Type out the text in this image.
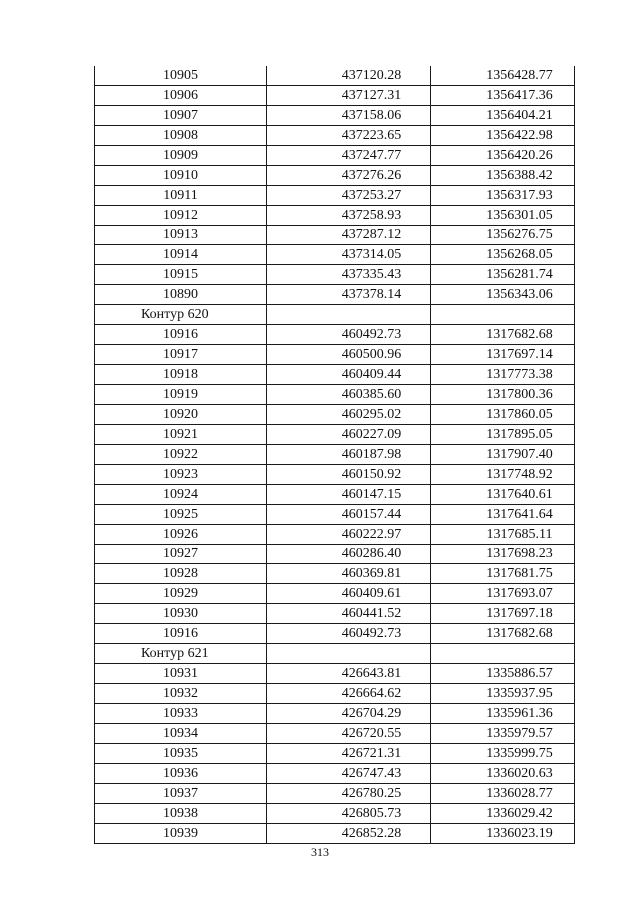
10905	437120.28	1356428.77
10906	437127.31	1356417.36
10907	437158.06	1356404.21
10908	437223.65	1356422.98
10909	437247.77	1356420.26
10910	437276.26	1356388.42
10911	437253.27	1356317.93
10912	437258.93	1356301.05
10913	437287.12	1356276.75
10914	437314.05	1356268.05
10915	437335.43	1356281.74
10890	437378.14	1356343.06
Контур 620		
10916	460492.73	1317682.68
10917	460500.96	1317697.14
10918	460409.44	1317773.38
10919	460385.60	1317800.36
10920	460295.02	1317860.05
10921	460227.09	1317895.05
10922	460187.98	1317907.40
10923	460150.92	1317748.92
10924	460147.15	1317640.61
10925	460157.44	1317641.64
10926	460222.97	1317685.11
10927	460286.40	1317698.23
10928	460369.81	1317681.75
10929	460409.61	1317693.07
10930	460441.52	1317697.18
10916	460492.73	1317682.68
Контур 621		
10931	426643.81	1335886.57
10932	426664.62	1335937.95
10933	426704.29	1335961.36
10934	426720.55	1335979.57
10935	426721.31	1335999.75
10936	426747.43	1336020.63
10937	426780.25	1336028.77
10938	426805.73	1336029.42
10939	426852.28	1336023.19
313
